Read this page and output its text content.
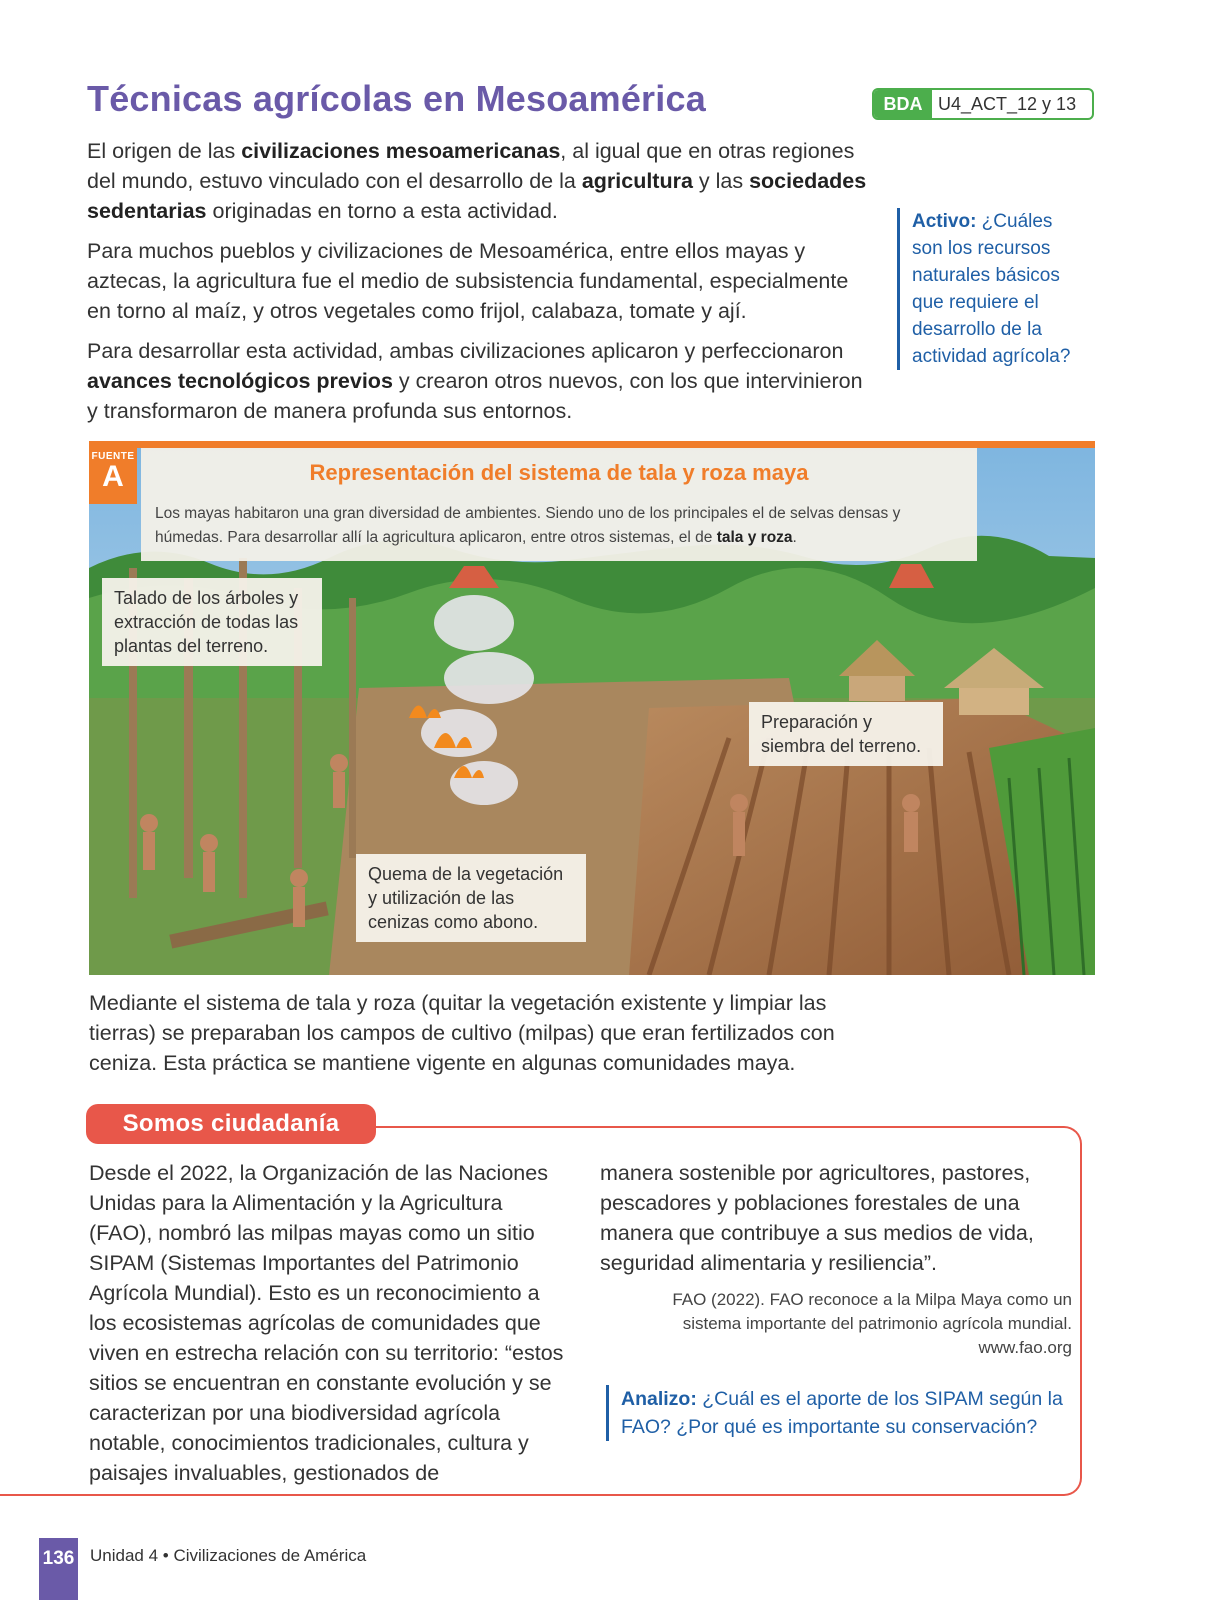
Técnicas agrícolas en Mesoamérica	BDA U4_ACT_12 y 13

El origen de las civilizaciones mesoamericanas, al igual que en otras regiones del mundo, estuvo vinculado con el desarrollo de la agricultura y las sociedades sedentarias originadas en torno a esta actividad.

Para muchos pueblos y civilizaciones de Mesoamérica, entre ellos mayas y aztecas, la agricultura fue el medio de subsistencia fundamental, especialmente en torno al maíz, y otros vegetales como frijol, calabaza, tomate y ají.

Para desarrollar esta actividad, ambas civilizaciones aplicaron y perfeccionaron avances tecnológicos previos y crearon otros nuevos, con los que intervinieron y transformaron de manera profunda sus entornos.

Activo: ¿Cuáles son los recursos naturales básicos que requiere el desarrollo de la actividad agrícola?
FUENTE
A	Representación del sistema de tala y roza maya
Los mayas habitaron una gran diversidad de ambientes. Siendo uno de los principales el de selvas densas y húmedas. Para desarrollar allí la agricultura aplicaron, entre otros sistemas, el de tala y roza.
Talado de los árboles y extracción de todas las plantas del terreno.
Preparación y siembra del terreno.
Quema de la vegetación y utilización de las cenizas como abono.

Mediante el sistema de tala y roza (quitar la vegetación existente y limpiar las tierras) se preparaban los campos de cultivo (milpas) que eran fertilizados con ceniza. Esta práctica se mantiene vigente en algunas comunidades maya.

Somos ciudadanía

Desde el 2022, la Organización de las Naciones Unidas para la Alimentación y la Agricultura (FAO), nombró las milpas mayas como un sitio SIPAM (Sistemas Importantes del Patrimonio Agrícola Mundial). Esto es un reconocimiento a los ecosistemas agrícolas de comunidades que viven en estrecha relación con su territorio: “estos sitios se encuentran en constante evolución y se caracterizan por una biodiversidad agrícola notable, conocimientos tradicionales, cultura y paisajes invaluables, gestionados de

manera sostenible por agricultores, pastores, pescadores y poblaciones forestales de una manera que contribuye a sus medios de vida, seguridad alimentaria y resiliencia”.

FAO (2022). FAO reconoce a la Milpa Maya como un
sistema importante del patrimonio agrícola mundial.
www.fao.org
Analizo: ¿Cuál es el aporte de los SIPAM según la FAO? ¿Por qué es importante su conservación?
136 Unidad 4 • Civilizaciones de América
